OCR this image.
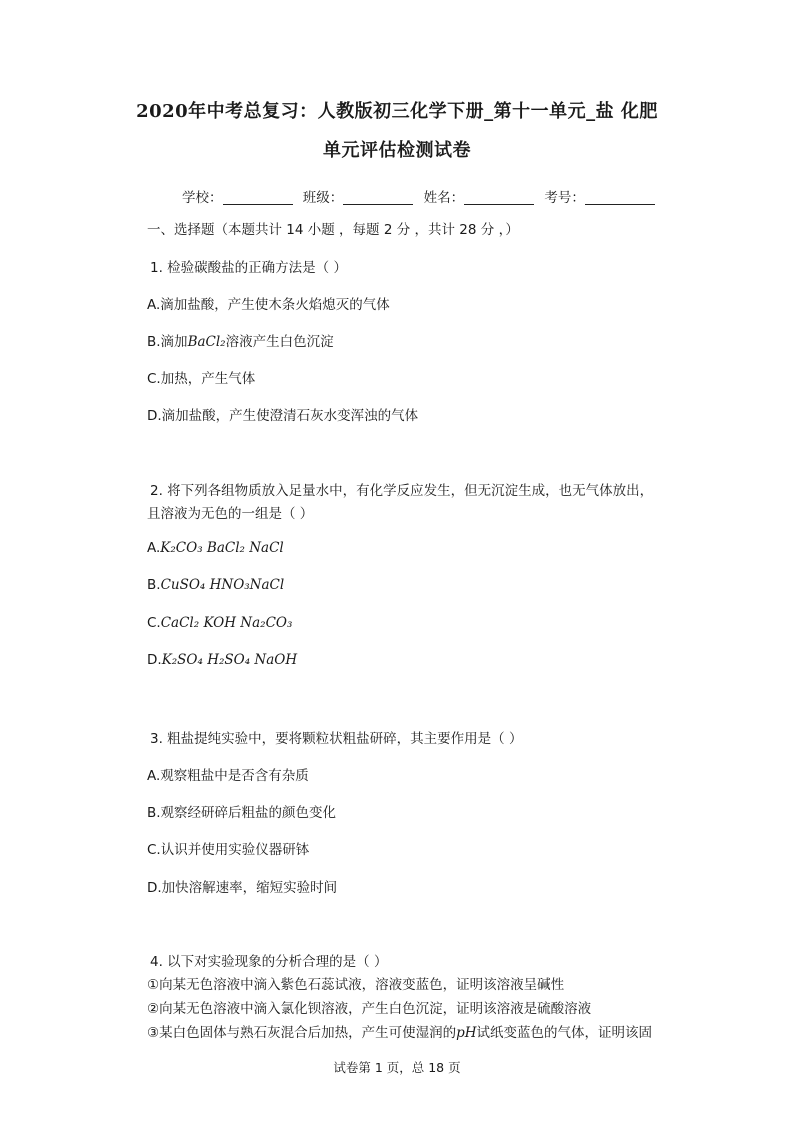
2020年中考总复习：人教版初三化学下册_第十一单元_盐 化肥
单元评估检测试卷
学校：	班级：	姓名：	考号：
一、选择题（本题共计 14 小题 ，每题 2 分 ，共计 28 分 ，）
1. 检验碳酸盐的正确方法是（ ）
A.滴加盐酸，产生使木条火焰熄灭的气体
B.滴加BaCl₂溶液产生白色沉淀
C.加热，产生气体
D.滴加盐酸，产生使澄清石灰水变浑浊的气体
2. 将下列各组物质放入足量水中，有化学反应发生，但无沉淀生成，也无气体放出，
且溶液为无色的一组是（ ）
A.K₂CO₃ BaCl₂ NaCl
B.CuSO₄ HNO₃NaCl
C.CaCl₂ KOH Na₂CO₃
D.K₂SO₄ H₂SO₄ NaOH
3. 粗盐提纯实验中，要将颗粒状粗盐研碎，其主要作用是（ ）
A.观察粗盐中是否含有杂质
B.观察经研碎后粗盐的颜色变化
C.认识并使用实验仪器研钵
D.加快溶解速率，缩短实验时间
4. 以下对实验现象的分析合理的是（ ）
①向某无色溶液中滴入紫色石蕊试液，溶液变蓝色，证明该溶液呈碱性
②向某无色溶液中滴入氯化钡溶液，产生白色沉淀，证明该溶液是硫酸溶液
③某白色固体与熟石灰混合后加热，产生可使湿润的pH试纸变蓝色的气体，证明该固
试卷第 1 页，总 18 页
